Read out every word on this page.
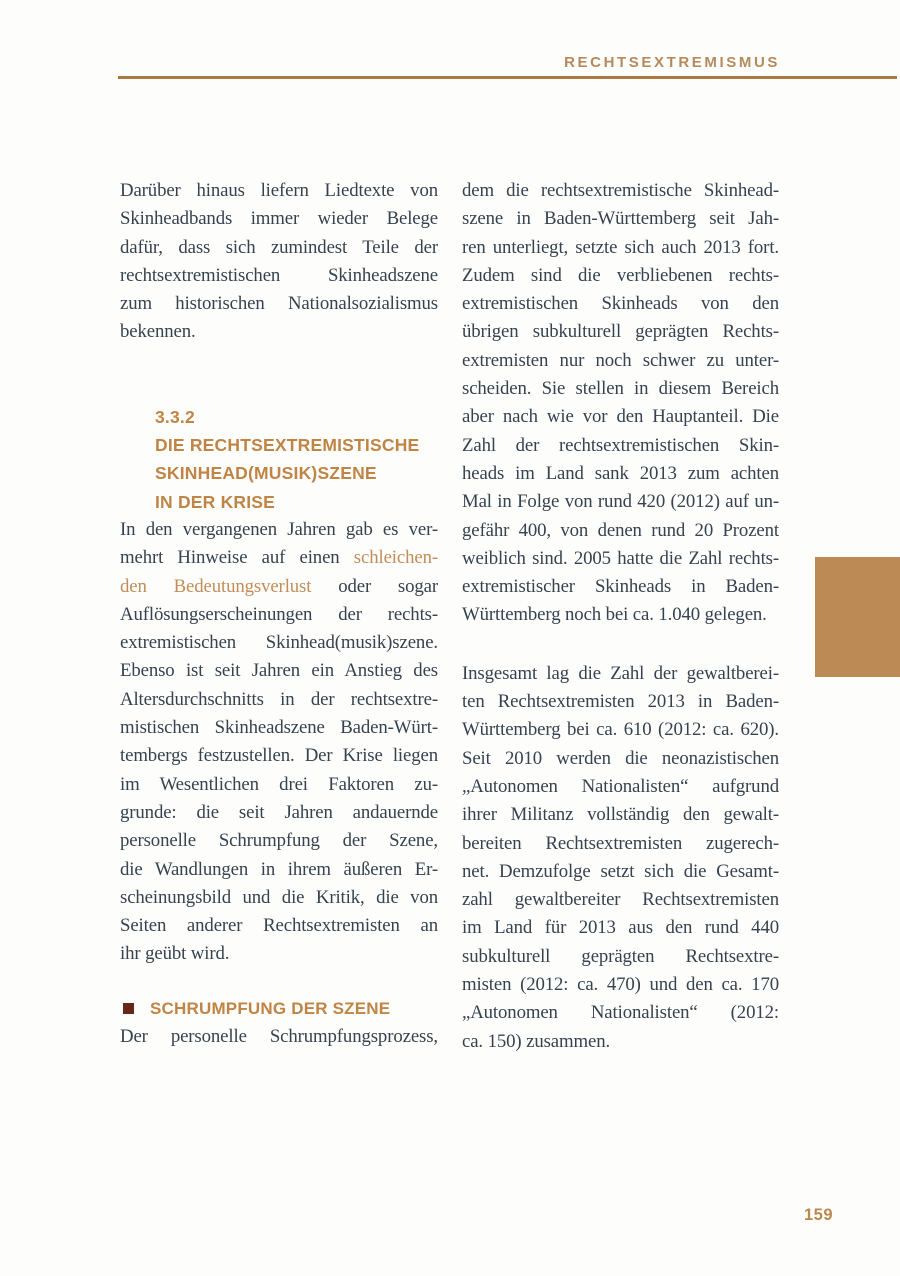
RECHTSEXTREMISMUS
Darüber hinaus liefern Liedtexte von
Skinheadbands immer wieder Belege
dafür, dass sich zumindest Teile der
rechtsextremistischen Skinheadszene
zum historischen Nationalsozialismus
bekennen.
3.3.2
DIE RECHTSEXTREMISTISCHE
SKINHEAD(MUSIK)SZENE
IN DER KRISE
In den vergangenen Jahren gab es ver-
mehrt Hinweise auf einen schleichen-
den Bedeutungsverlust oder sogar
Auflösungserscheinungen der rechts-
extremistischen Skinhead(musik)szene.
Ebenso ist seit Jahren ein Anstieg des
Altersdurchschnitts in der rechtsextre-
mistischen Skinheadszene Baden-Würt-
tembergs festzustellen. Der Krise liegen
im Wesentlichen drei Faktoren zu-
grunde: die seit Jahren andauernde
personelle Schrumpfung der Szene,
die Wandlungen in ihrem äußeren Er-
scheinungsbild und die Kritik, die von
Seiten anderer Rechtsextremisten an
ihr geübt wird.
SCHRUMPFUNG DER SZENE
Der personelle Schrumpfungsprozess,
dem die rechtsextremistische Skinhead-
szene in Baden-Württemberg seit Jah-
ren unterliegt, setzte sich auch 2013 fort.
Zudem sind die verbliebenen rechts-
extremistischen Skinheads von den
übrigen subkulturell geprägten Rechts-
extremisten nur noch schwer zu unter-
scheiden. Sie stellen in diesem Bereich
aber nach wie vor den Hauptanteil. Die
Zahl der rechtsextremistischen Skin-
heads im Land sank 2013 zum achten
Mal in Folge von rund 420 (2012) auf un-
gefähr 400, von denen rund 20 Prozent
weiblich sind. 2005 hatte die Zahl rechts-
extremistischer Skinheads in Baden-
Württemberg noch bei ca. 1.040 gelegen.
Insgesamt lag die Zahl der gewaltberei-
ten Rechtsextremisten 2013 in Baden-
Württemberg bei ca. 610 (2012: ca. 620).
Seit 2010 werden die neonazistischen
„Autonomen Nationalisten“ aufgrund
ihrer Militanz vollständig den gewalt-
bereiten Rechtsextremisten zugerech-
net. Demzufolge setzt sich die Gesamt-
zahl gewaltbereiter Rechtsextremisten
im Land für 2013 aus den rund 440
subkulturell geprägten Rechtsextre-
misten (2012: ca. 470) und den ca. 170
„Autonomen Nationalisten“ (2012:
ca. 150) zusammen.
159
